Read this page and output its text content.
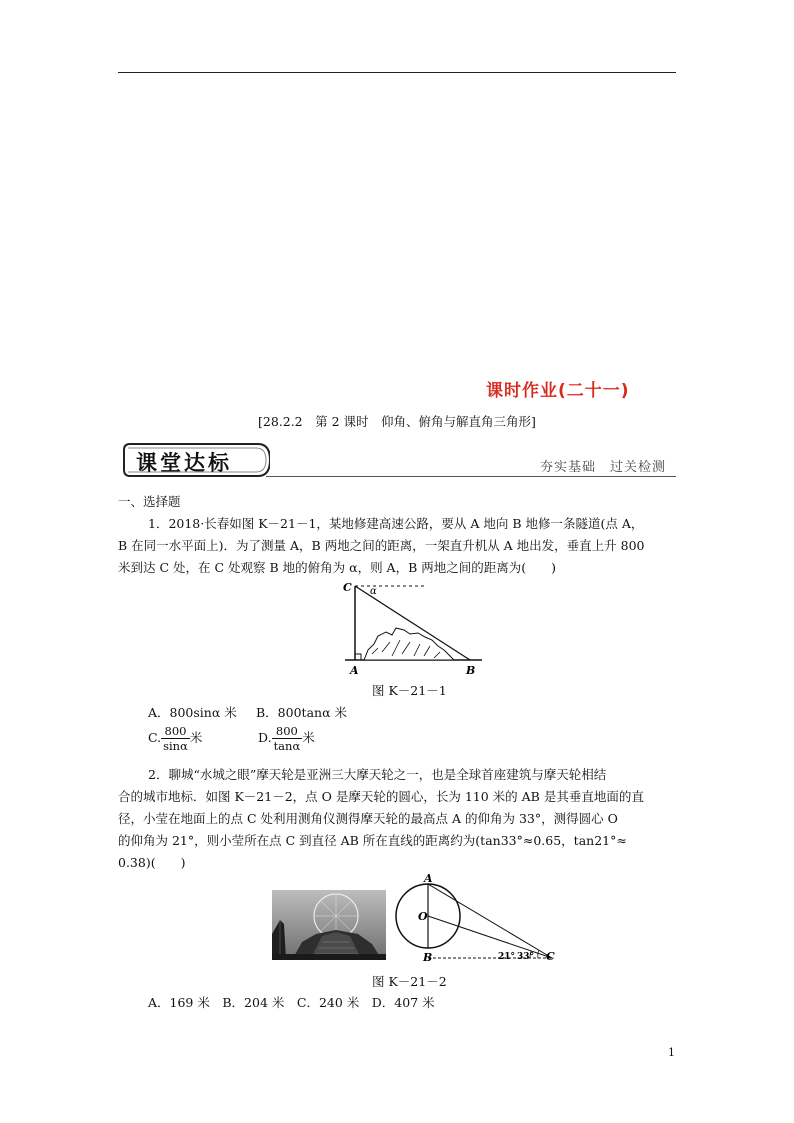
课时作业(二十一)
[28.2.2　第 2 课时　仰角、俯角与解直角三角形]
课堂达标	夯实基础　过关检测
一、选择题
1．2018·长春如图 K－21－1，某地修建高速公路，要从 A 地向 B 地修一条隧道(点 A，
B 在同一水平面上)．为了测量 A，B 两地之间的距离，一架直升机从 A 地出发，垂直上升 800
米到达 C 处，在 C 处观察 B 地的俯角为 α，则 A，B 两地之间的距离为(　　)
C α
A	B
图 K－21－1
A．800sinα 米 B．800tanα 米
C. $\frac{800}{\sin\alpha}$ 米	D. $\frac{800}{\tan\alpha}$ 米
2．聊城“水城之眼”摩天轮是亚洲三大摩天轮之一，也是全球首座建筑与摩天轮相结
合的城市地标．如图 K－21－2，点 O 是摩天轮的圆心，长为 110 米的 AB 是其垂直地面的直
径，小莹在地面上的点 C 处利用测角仪测得摩天轮的最高点 A 的仰角为 33°，测得圆心 O
的仰角为 21°，则小莹所在点 C 到直径 AB 所在直线的距离约为(tan33°≈0.65，tan21°≈
0.38)(　　)
A
O
B	21° 33° C
图 K－21－2
A．169 米　B．204 米　C．240 米　D．407 米
1
